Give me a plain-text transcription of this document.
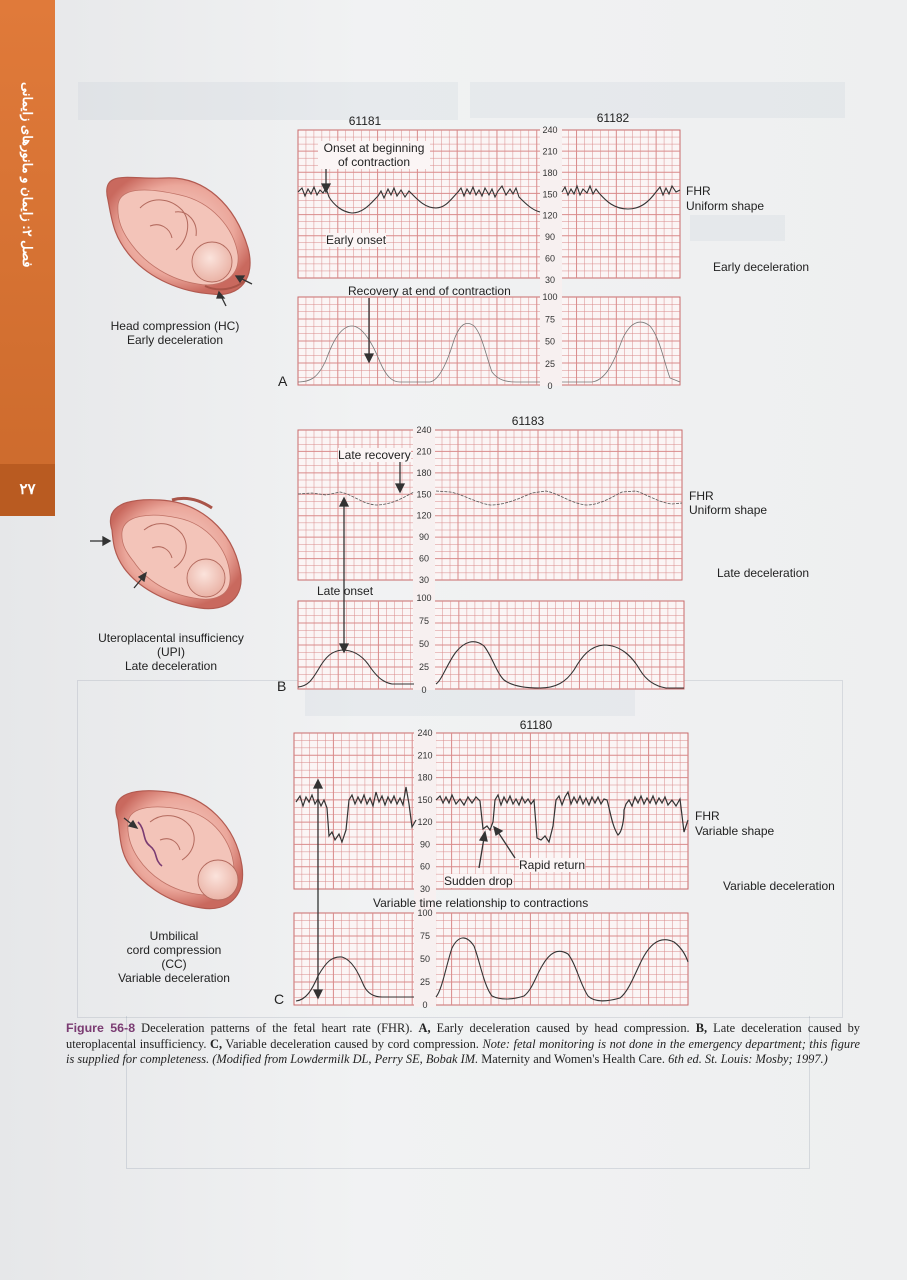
فصل ۲: زایمان و مانورهای زایمانی
۲۷
240
210
180
150
120
90
60
30
100
75
50
25
0
240
210
180
150
120
90
60
30
100
75
50
25
0
240
210
180
150
120
90
60
30
100
75
50
25
0
61181	61182
Onset at beginning
of contraction
Early onset
Recovery at end of contraction
FHR
Uniform shape
Early deceleration
Head compression (HC)
Early deceleration
A
61183
Late recovery
Late onset
FHR
Uniform shape
Late deceleration
Uteroplacental insufficiency
(UPI)
Late deceleration
B
61180
Rapid return
Sudden drop
Variable time relationship to contractions
FHR
Variable shape
Variable deceleration
Umbilical
cord compression
(CC)
Variable deceleration
C
Figure 56-8 Deceleration patterns of the fetal heart rate (FHR). A, Early deceleration caused by head compression. B, Late deceleration caused by uteroplacental insufficiency. C, Variable deceleration caused by cord compression. Note: fetal monitoring is not done in the emergency department; this figure is supplied for completeness. (Modified from Lowdermilk DL, Perry SE, Bobak IM. Maternity and Women's Health Care. 6th ed. St. Louis: Mosby; 1997.)
